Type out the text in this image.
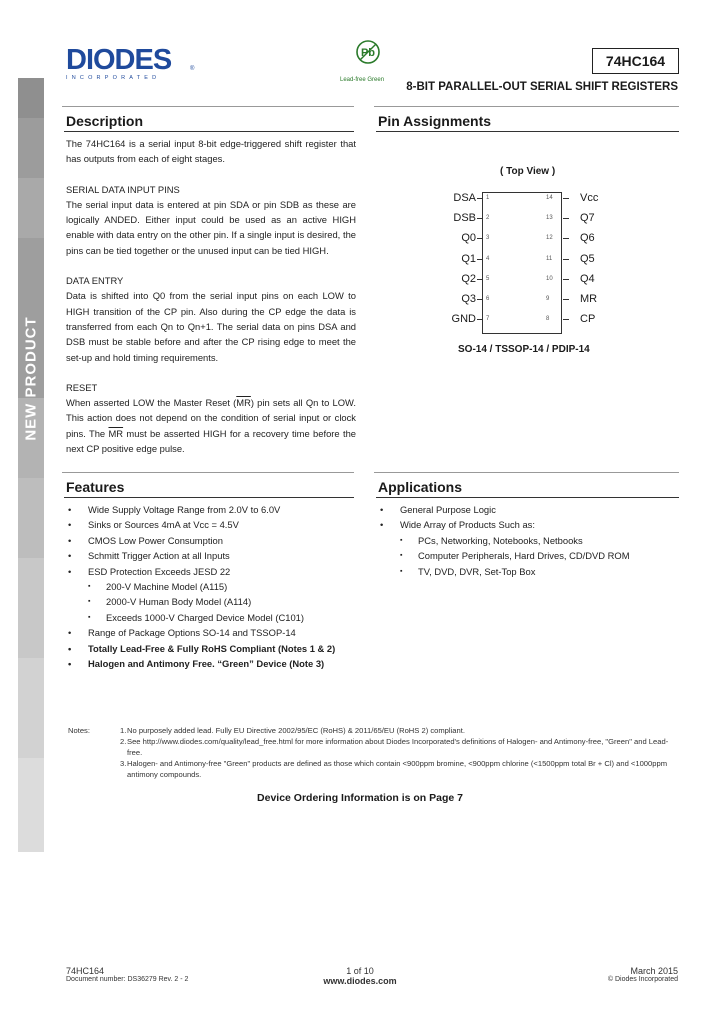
NEW PRODUCT
DIODES
INCORPORATED
®
Pb
Lead-free Green
74HC164
8-BIT PARALLEL-OUT SERIAL SHIFT REGISTERS
Description
The 74HC164 is a serial input 8-bit edge-triggered shift register that has outputs from each of eight stages.
SERIAL DATA INPUT PINS
The serial input data is entered at pin SDA or pin SDB as these are logically ANDED. Either input could be used as an active HIGH enable with data entry on the other pin. If a single input is desired, the pins can be tied together or the unused input can be tied HIGH.
DATA ENTRY
Data is shifted into Q0 from the serial input pins on each LOW to HIGH transition of the CP pin. Also during the CP edge the data is transferred from each Qn to Qn+1. The serial data on pins DSA and DSB must be stable before and after the CP rising edge to meet the set-up and hold timing requirements.
RESET
When asserted LOW the Master Reset $(\overline{MR})$ pin sets all Qn to LOW. This action does not depend on the condition of serial input or clock pins. The $\overline{MR}$ must be asserted HIGH for a recovery time before the next CP positive edge pulse.
Pin Assignments
( Top View )
DSA 1
DSB 2
Q0 3
Q1 4
Q2 5
Q3 6
GND 7
Vcc
14
Q7
13
Q6
12
Q5
11
Q4
10
MR
9
CP
8
SO-14 / TSSOP-14 / PDIP-14
Features
• Wide Supply Voltage Range from 2.0V to 6.0V
• Sinks or Sources 4mA at Vcc = 4.5V
• CMOS Low Power Consumption
• Schmitt Trigger Action at all Inputs
• ESD Protection Exceeds JESD 22
▪ 200-V Machine Model (A115)
▪ 2000-V Human Body Model (A114)
▪ Exceeds 1000-V Charged Device Model (C101)
• Range of Package Options SO-14 and TSSOP-14
• Totally Lead-Free & Fully RoHS Compliant (Notes 1 & 2)
• Halogen and Antimony Free. “Green” Device (Note 3)
Applications
• General Purpose Logic
• Wide Array of Products Such as:
▪ PCs, Networking, Notebooks, Netbooks
▪ Computer Peripherals, Hard Drives, CD/DVD ROM
▪ TV, DVD, DVR, Set-Top Box
Notes:	1. No purposely added lead. Fully EU Directive 2002/95/EC (RoHS) & 2011/65/EU (RoHS 2) compliant.
2. See http://www.diodes.com/quality/lead_free.html for more information about Diodes Incorporated's definitions of Halogen- and Antimony-free, "Green" and Lead-free.
3. Halogen- and Antimony-free "Green" products are defined as those which contain <900ppm bromine, <900ppm chlorine (<1500ppm total Br + Cl) and <1000ppm antimony compounds.
Device Ordering Information is on Page 7
74HC164
Document number: DS36279 Rev. 2 - 2
1 of 10
www.diodes.com
March 2015
© Diodes Incorporated
